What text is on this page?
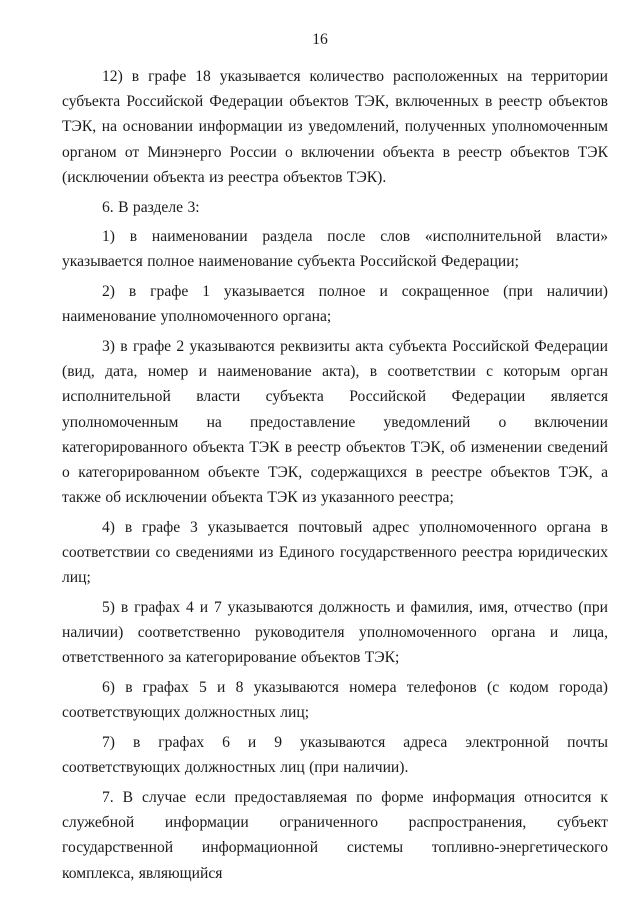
16

12) в графе 18 указывается количество расположенных на территории субъекта Российской Федерации объектов ТЭК, включенных в реестр объектов ТЭК, на основании информации из уведомлений, полученных уполномоченным органом от Минэнерго России о включении объекта в реестр объектов ТЭК (исключении объекта из реестра объектов ТЭК).

6. В разделе 3:

1) в наименовании раздела после слов «исполнительной власти» указывается полное наименование субъекта Российской Федерации;

2) в графе 1 указывается полное и сокращенное (при наличии) наименование уполномоченного органа;

3) в графе 2 указываются реквизиты акта субъекта Российской Федерации (вид, дата, номер и наименование акта), в соответствии с которым орган исполнительной власти субъекта Российской Федерации является уполномоченным на предоставление уведомлений о включении категорированного объекта ТЭК в реестр объектов ТЭК, об изменении сведений о категорированном объекте ТЭК, содержащихся в реестре объектов ТЭК, а также об исключении объекта ТЭК из указанного реестра;

4) в графе 3 указывается почтовый адрес уполномоченного органа в соответствии со сведениями из Единого государственного реестра юридических лиц;

5) в графах 4 и 7 указываются должность и фамилия, имя, отчество (при наличии) соответственно руководителя уполномоченного органа и лица, ответственного за категорирование объектов ТЭК;

6) в графах 5 и 8 указываются номера телефонов (с кодом города) соответствующих должностных лиц;

7) в графах 6 и 9 указываются адреса электронной почты соответствующих должностных лиц (при наличии).

7. В случае если предоставляемая по форме информация относится к служебной информации ограниченного распространения, субъект государственной информационной системы топливно-энергетического комплекса, являющийся
